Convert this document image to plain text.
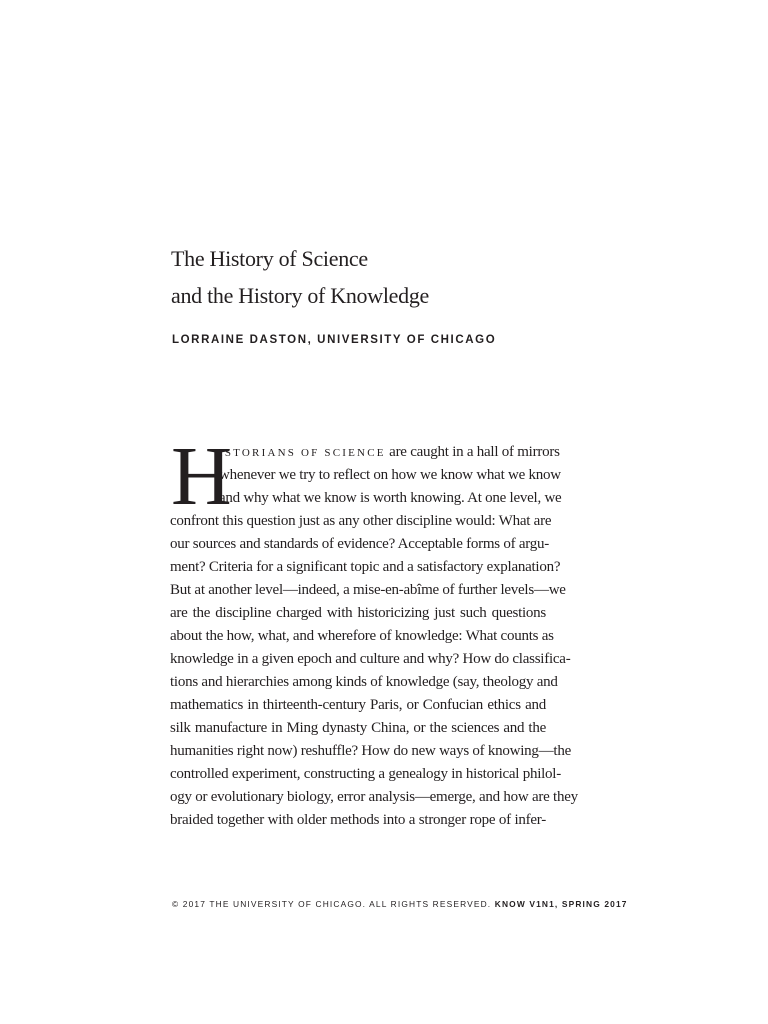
The History of Science
and the History of Knowledge
LORRAINE DASTON, UNIVERSITY OF CHICAGO
H
ISTORIANS OF SCIENCE are caught in a hall of mirrors
whenever we try to reflect on how we know what we know
and why what we know is worth knowing. At one level, we
confront this question just as any other discipline would: What are
our sources and standards of evidence? Acceptable forms of argu-
ment? Criteria for a significant topic and a satisfactory explanation?
But at another level—indeed, a mise-en-abîme of further levels—we
are the discipline charged with historicizing just such questions
about the how, what, and wherefore of knowledge: What counts as
knowledge in a given epoch and culture and why? How do classifica-
tions and hierarchies among kinds of knowledge (say, theology and
mathematics in thirteenth-century Paris, or Confucian ethics and
silk manufacture in Ming dynasty China, or the sciences and the
humanities right now) reshuffle? How do new ways of knowing—the
controlled experiment, constructing a genealogy in historical philol-
ogy or evolutionary biology, error analysis—emerge, and how are they
braided together with older methods into a stronger rope of infer-
© 2017 THE UNIVERSITY OF CHICAGO. ALL RIGHTS RESERVED. KNOW V1N1, SPRING 2017
